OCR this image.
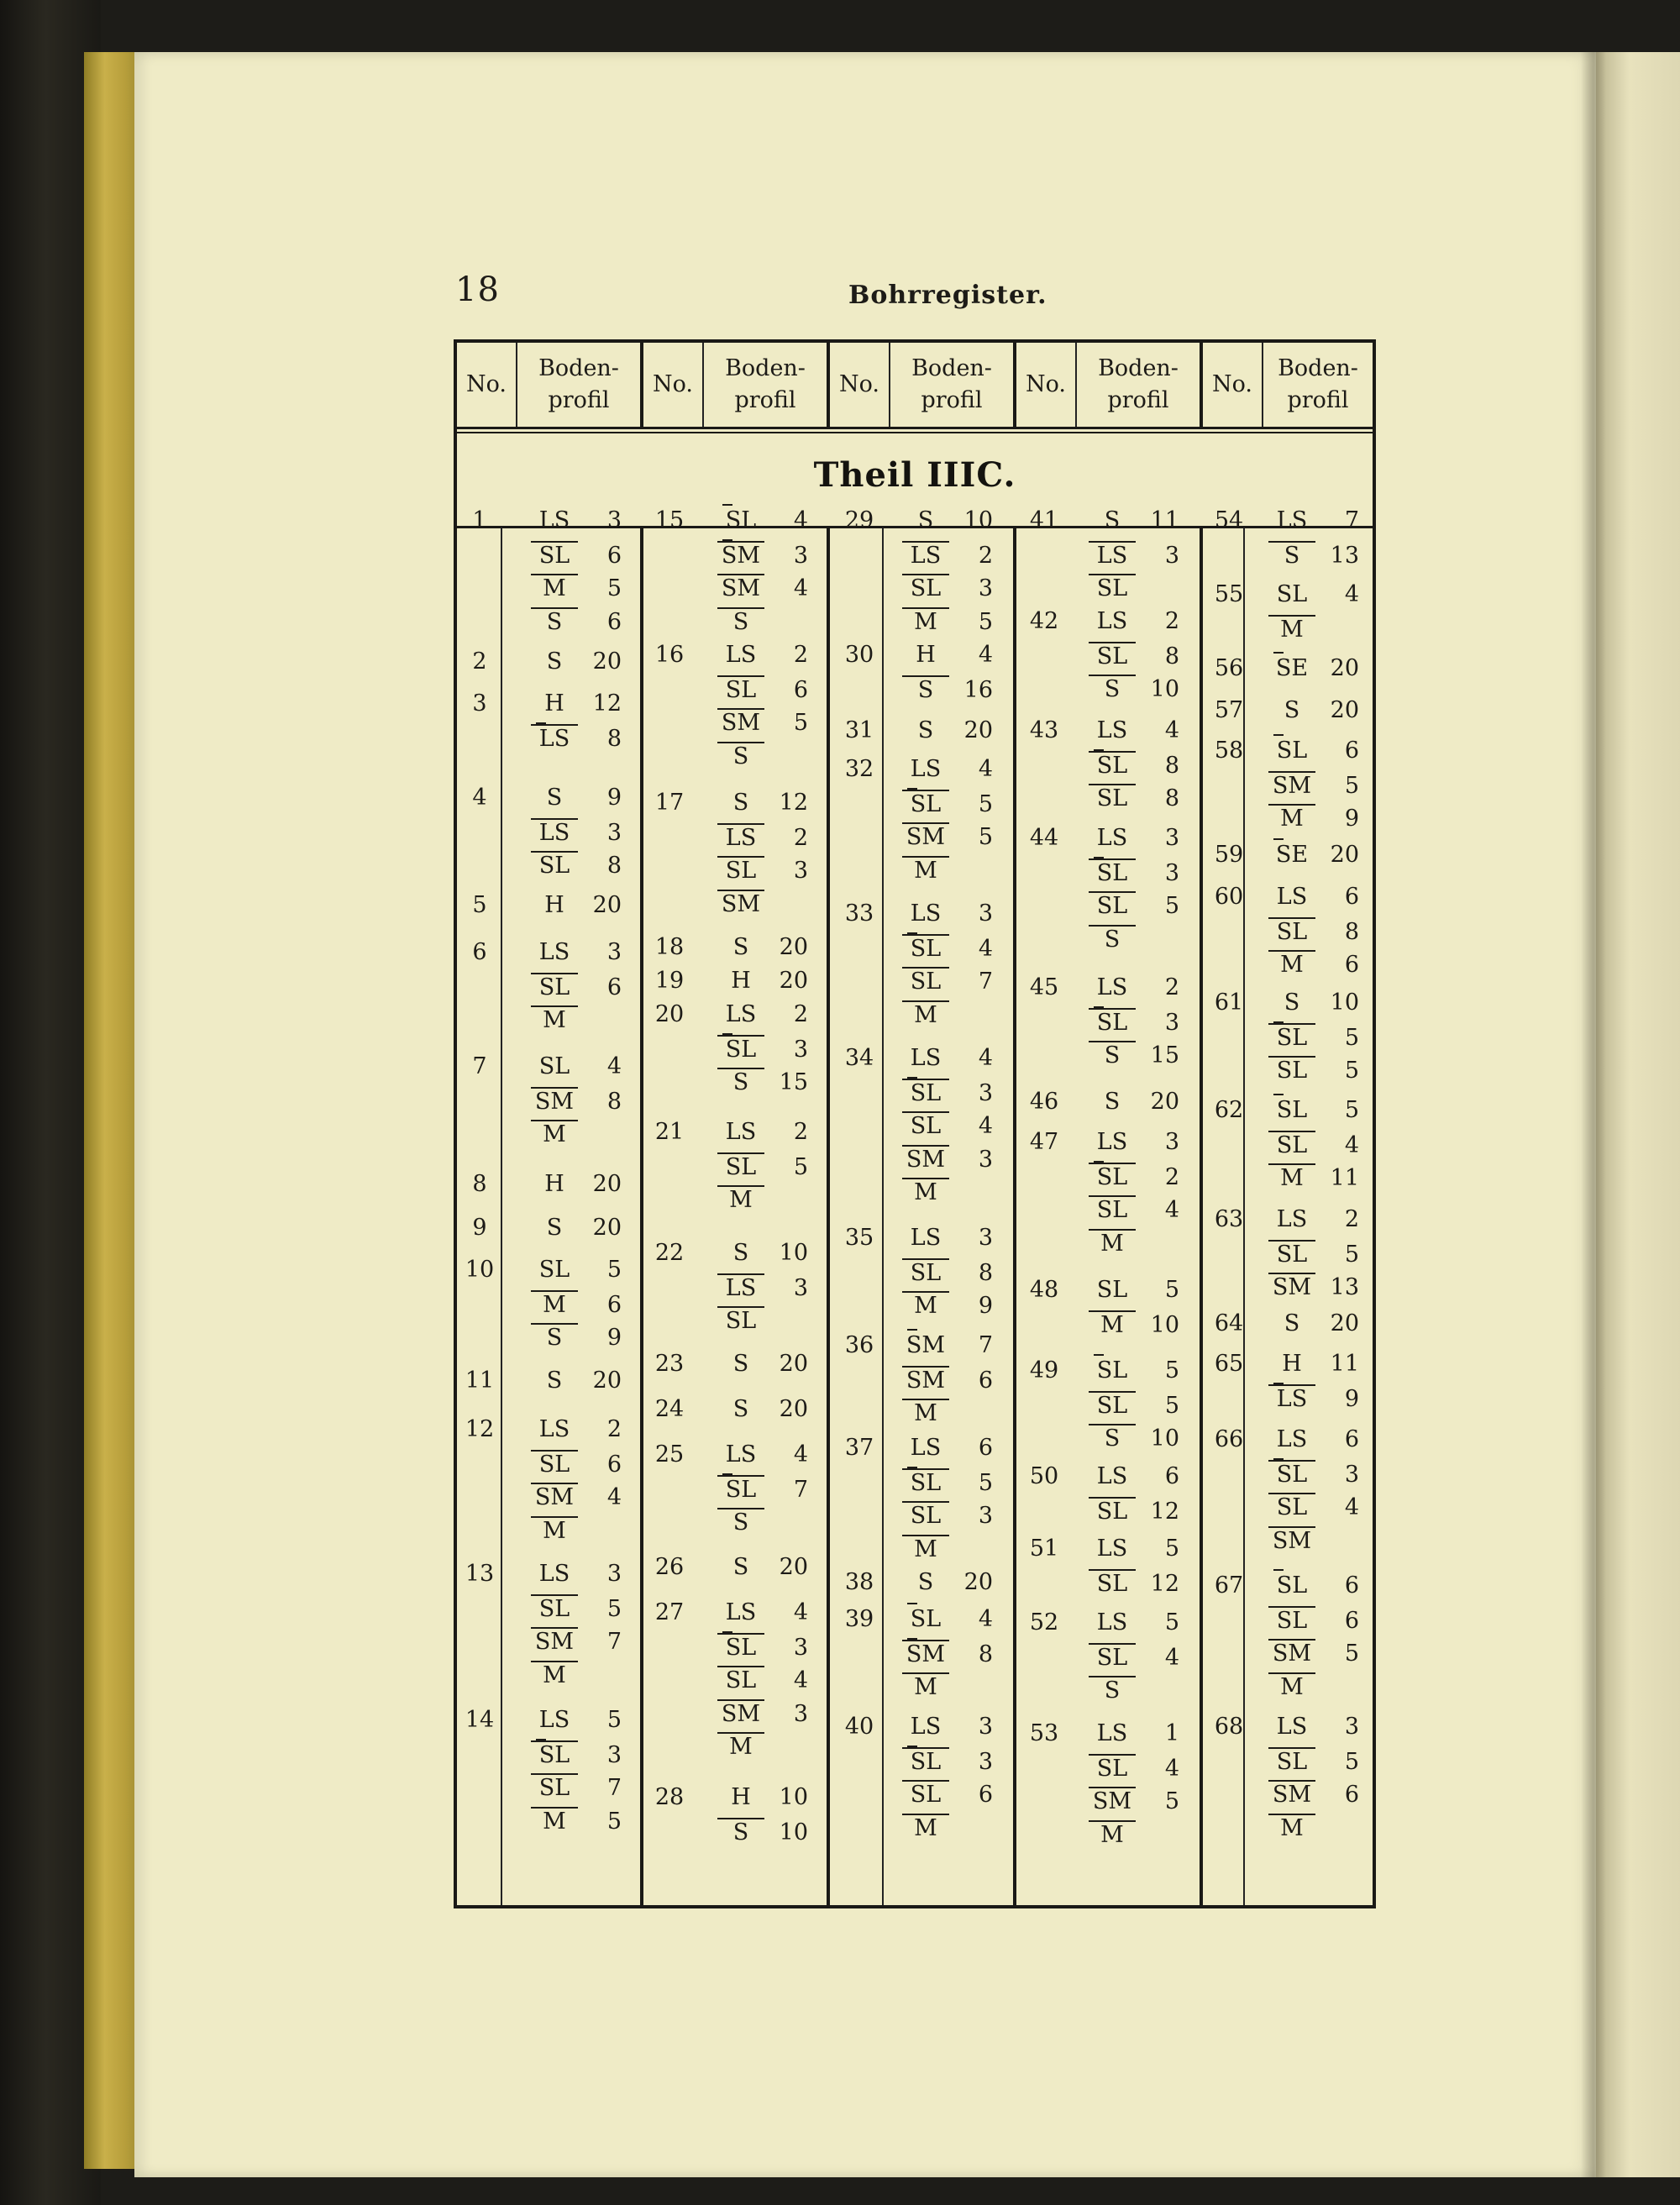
18	Bohrregister.
No.
Boden-
profil
No.
Boden-
profil
No.
Boden-
profil
No.
Boden-
profil
No.
Boden-
profil
Theil IIIC.
1	LS 3
SL 6
M 5
S 6
2	S 20
3	H 12
LS 8
4	S 9
LS 3
SL 8
5	H 20
6	LS 3
SL 6
M
7	SL 4
SM 8
M
8	H 20
9	S 20
10	SL 5
M 6
S 9
11	S 20
12	LS 2
SL 6
SM 4
M
13	LS 3
SL 5
SM 7
M
14	LS 5
SL 3
SL 7
M 5
15	SL 4
SM 3
SM 4
S
16	LS 2
SL 6
SM 5
S
17	S 12
LS 2
SL 3
SM
18	S 20
19	H 20
20	LS 2
SL 3
S 15
21	LS 2
SL 5
M
22	S 10
LS 3
SL
23	S 20
24	S 20
25	LS 4
SL 7
S
26	S 20
27	LS 4
SL 3
SL 4
SM 3
M
28	H 10
S 10
29	S 10
LS 2
SL 3
M 5
30	H 4
S 16
31	S 20
32	LS 4
SL 5
SM 5
M
33	LS 3
SL 4
SL 7
M
34	LS 4
SL 3
SL 4
SM 3
M
35	LS 3
SL 8
M 9
36	SM 7
SM 6
M
37	LS 6
SL 5
SL 3
M
38	S 20
39	SL 4
SM 8
M
40	LS 3
SL 3
SL 6
M
41	S 11
LS 3
SL
42	LS 2
SL 8
S 10
43	LS 4
SL 8
SL 8
44	LS 3
SL 3
SL 5
S
45	LS 2
SL 3
S 15
46	S 20
47	LS 3
SL 2
SL 4
M
48	SL 5
M 10
49	SL 5
SL 5
S 10
50	LS 6
SL 12
51	LS 5
SL 12
52	LS 5
SL 4
S
53	LS 1
SL 4
SM 5
M
54	LS 7
S 13
55	SL 4
M
56	SE 20
57	S 20
58	SL 6
SM 5
M 9
59	SE 20
60	LS 6
SL 8
M 6
61	S 10
SL 5
SL 5
62	SL 5
SL 4
M 11
63	LS 2
SL 5
SM 13
64	S 20
65	H 11
LS 9
66	LS 6
SL 3
SL 4
SM
67	SL 6
SL 6
SM 5
M
68	LS 3
SL 5
SM 6
M
